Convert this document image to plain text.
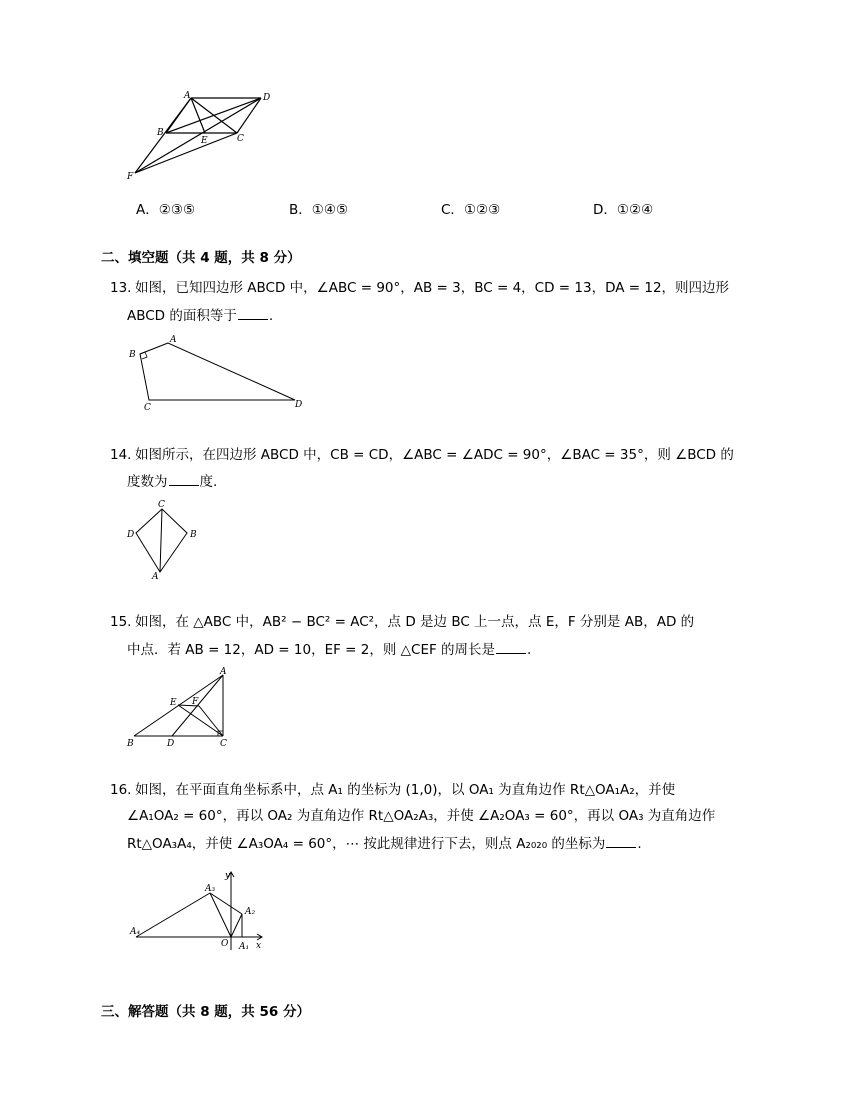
A	D
B
E	C
F
A．②③⑤	B．①④⑤	C．①②③	D．①②④
二、填空题（共 4 题，共 8 分）
13. 如图，已知四边形 ABCD 中，∠ABC = 90°，AB = 3，BC = 4，CD = 13，DA = 12，则四边形
ABCD 的面积等于 .
A
B
C	D
14. 如图所示，在四边形 ABCD 中，CB = CD，∠ABC = ∠ADC = 90°，∠BAC = 35°，则 ∠BCD 的
度数为 度.
C
D	B
A
15. 如图，在 △ABC 中，AB² − BC² = AC²，点 D 是边 BC 上一点，点 E，F 分别是 AB，AD 的
中点．若 AB = 12，AD = 10，EF = 2，则 △CEF 的周长是 .
A
E F
B	D	C
16. 如图，在平面直角坐标系中，点 A₁ 的坐标为 (1,0)，以 OA₁ 为直角边作 Rt△OA₁A₂，并使
∠A₁OA₂ = 60°，再以 OA₂ 为直角边作 Rt△OA₂A₃，并使 ∠A₂OA₃ = 60°，再以 OA₃ 为直角边作
Rt△OA₃A₄，并使 ∠A₃OA₄ = 60°，⋯ 按此规律进行下去，则点 A₂₀₂₀ 的坐标为 .
A₄
A₃
A₂
A₁
O	x
y
三、解答题（共 8 题，共 56 分）
